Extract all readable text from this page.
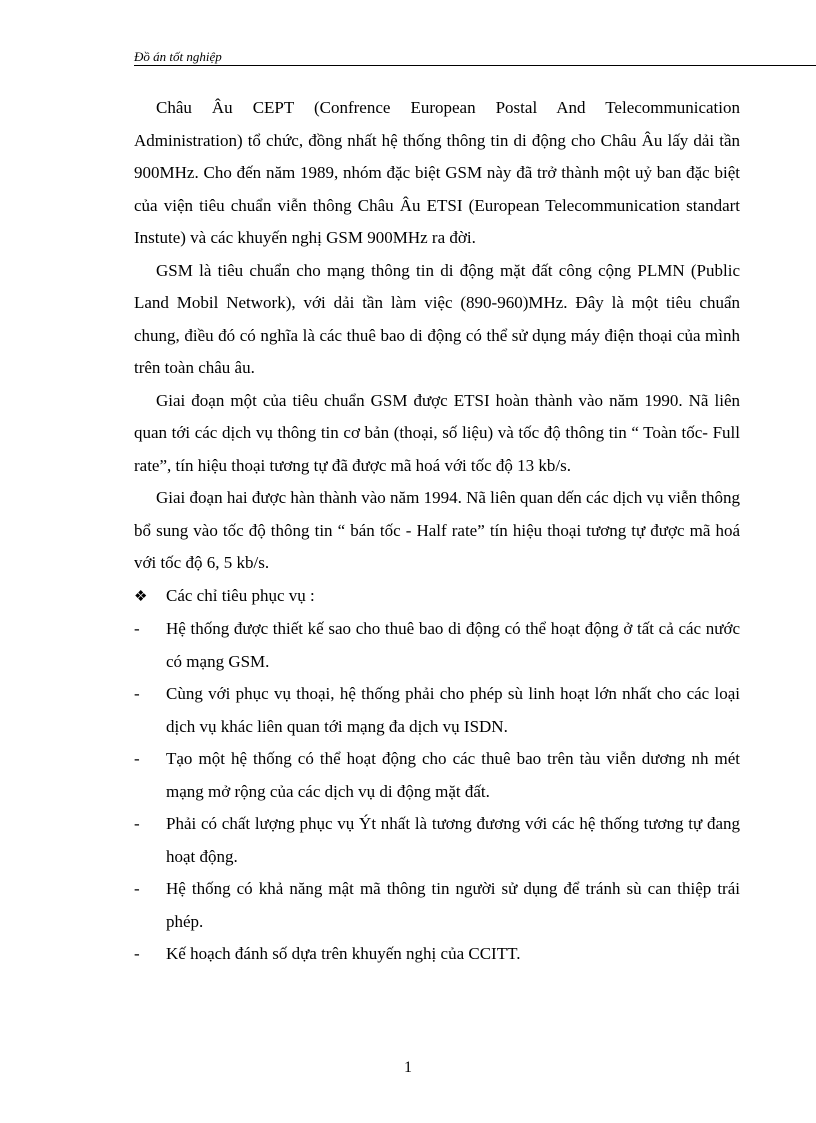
Đồ án tốt nghiệp

Châu Âu CEPT (Confrence European Postal And Telecommunication Administration) tổ chức, đồng nhất hệ thống thông tin di động cho Châu Âu lấy dải tần 900MHz. Cho đến năm 1989, nhóm đặc biệt GSM này đã trở thành một uỷ ban đặc biệt của viện tiêu chuẩn viễn thông Châu Âu ETSI (European Telecommunication standart Instute) và các khuyến nghị GSM 900MHz ra đời.

GSM là tiêu chuẩn cho mạng thông tin di động mặt đất công cộng PLMN (Public Land Mobil Network), với dải tần làm việc (890-960)MHz. Đây là một tiêu chuẩn chung, điều đó có nghĩa là các thuê bao di động có thể sử dụng máy điện thoại của mình trên toàn châu âu.

Giai đoạn một của tiêu chuẩn GSM được ETSI hoàn thành vào năm 1990. Nã liên quan tới các dịch vụ thông tin cơ bản (thoại, số liệu) và tốc độ thông tin “ Toàn tốc- Full rate”, tín hiệu thoại tương tự đã được mã hoá với tốc độ 13 kb/s.

Giai đoạn hai được hàn thành vào năm 1994. Nã liên quan dến các dịch vụ viễn thông bổ sung vào tốc độ thông tin “ bán tốc - Half rate” tín hiệu thoại tương tự được mã hoá với tốc độ 6, 5 kb/s.

❖	Các chỉ tiêu phục vụ :
-	Hệ thống được thiết kế sao cho thuê bao di động có thể hoạt động ở tất cả các nước có mạng GSM.
-	Cùng với phục vụ thoại, hệ thống phải cho phép sù linh hoạt lớn nhất cho các loại dịch vụ khác liên quan tới mạng đa dịch vụ ISDN.
-	Tạo một hệ thống có thể hoạt động cho các thuê bao trên tàu viễn dương nh mét mạng mở rộng của các dịch vụ di động mặt đất.
-	Phải có chất lượng phục vụ Ýt nhất là tương đương với các hệ thống tương tự đang hoạt động.
-	Hệ thống có khả năng mật mã thông tin người sử dụng để tránh sù can thiệp trái phép.
-	Kế hoạch đánh số dựa trên khuyến nghị của CCITT.
1
